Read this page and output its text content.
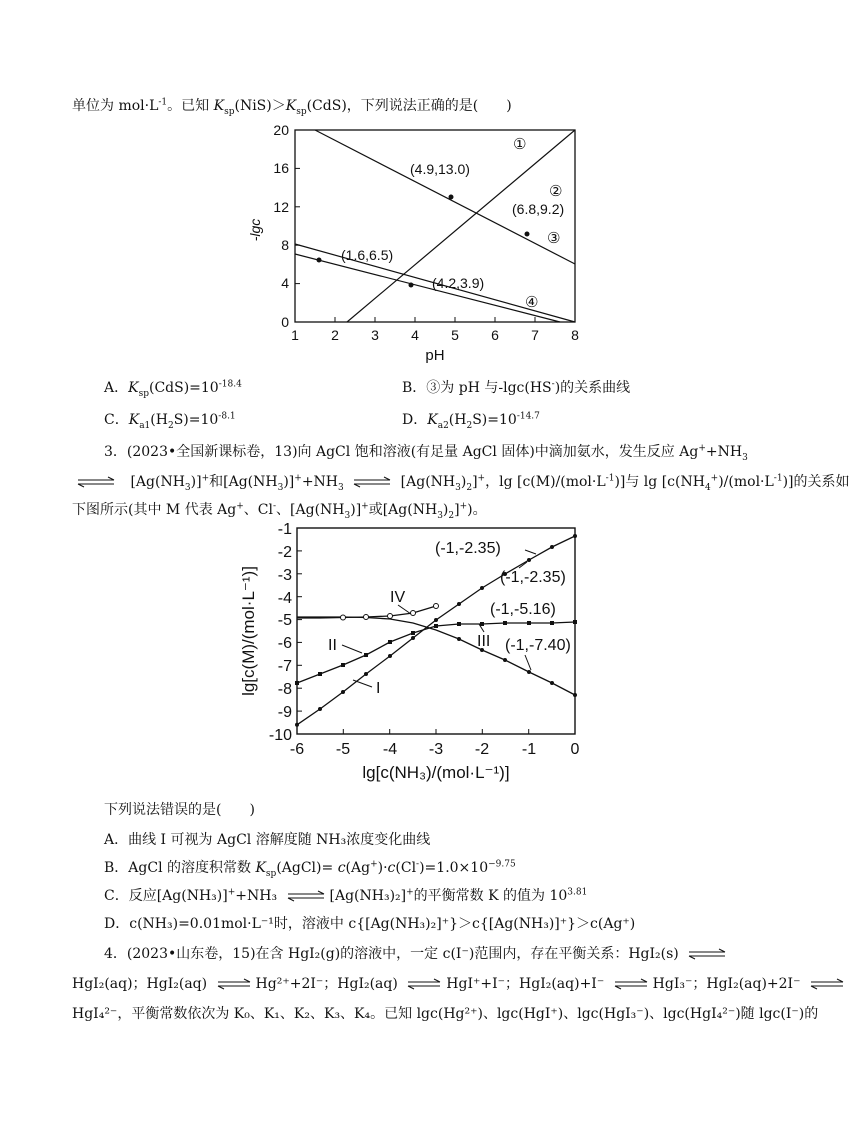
单位为 $mol\cdot L^{-1}$。已知 $K_{sp}(NiS)>K_{sp}(CdS)$，下列说法正确的是(　　)
1 2 3 4 5 6 7 8
0
4
8
12
16
20
-lgc
pH
(4.9,13.0)
(6.8,9.2)
(1.6,6.5)
(4.2,3.9)
①
②
③
④
A．$K_{sp}(CdS)=10^{-18.4}$	B．③为 pH 与-lgc(HS-)的关系曲线
C．$K_{a1}(H_2S)=10^{-8.1}$	D．$K_{a2}(H_2S)=10^{-14.7}$
3．(2023•全国新课标卷，13)向 AgCl 饱和溶液(有足量 AgCl 固体)中滴加氨水，发生反应 $Ag^++NH_3$
⇌ $[Ag(NH_3)]^+$和$[Ag(NH_3)]^++NH_3$ ⇌ $[Ag(NH_3)_2]^+$，$\lg [c(M)/(mol\cdot L^{-1})]$与 $\lg [c(NH_4^+)/(mol\cdot L^{-1})]$的关系如
下图所示(其中 M 代表 Ag+、Cl-、$[Ag(NH_3)]^+$或$[Ag(NH_3)_2]^+$)。
-6 -5 -4 -3 -2 -1 0
-1
-2
-3
-4
-5
-6
-7
-8
-9
-10
lg[c(M)/(mol·L⁻¹)]
lg[c(NH₃)/(mol·L⁻¹)]
IV
II	III
I
(-1,-2.35)
(-1,-2.35)
(-1,-5.16)
(-1,-7.40)
下列说法错误的是(　　)
A．曲线 I 可视为 AgCl 溶解度随 NH₃浓度变化曲线
B．AgCl 的溶度积常数 $K_{sp}(AgCl)= c(Ag^+)\cdot c(Cl^-)=1.0\times 10^{-9.75}$
C．反应[Ag(NH₃)]++NH₃ ⇌ [Ag(NH₃)₂]+的平衡常数 K 的值为 $10^{3.81}$
D．c(NH₃)=0.01mol·L⁻¹时，溶液中 c{[Ag(NH₃)₂]⁺}＞c{[Ag(NH₃)]⁺}＞c(Ag⁺)
4．(2023•山东卷，15)在含 HgI₂(g)的溶液中，一定 c(I⁻)范围内，存在平衡关系：HgI₂(s) ⇌
HgI₂(aq)；HgI₂(aq) ⇌ Hg²⁺+2I⁻；HgI₂(aq) ⇌ HgI⁺+I⁻；HgI₂(aq)+I⁻ ⇌ HgI₃⁻；HgI₂(aq)+2I⁻ ⇌
HgI₄²⁻，平衡常数依次为 K₀、K₁、K₂、K₃、K₄。已知 lgc(Hg²⁺)、lgc(HgI⁺)、lgc(HgI₃⁻)、lgc(HgI₄²⁻)随 lgc(I⁻)的
